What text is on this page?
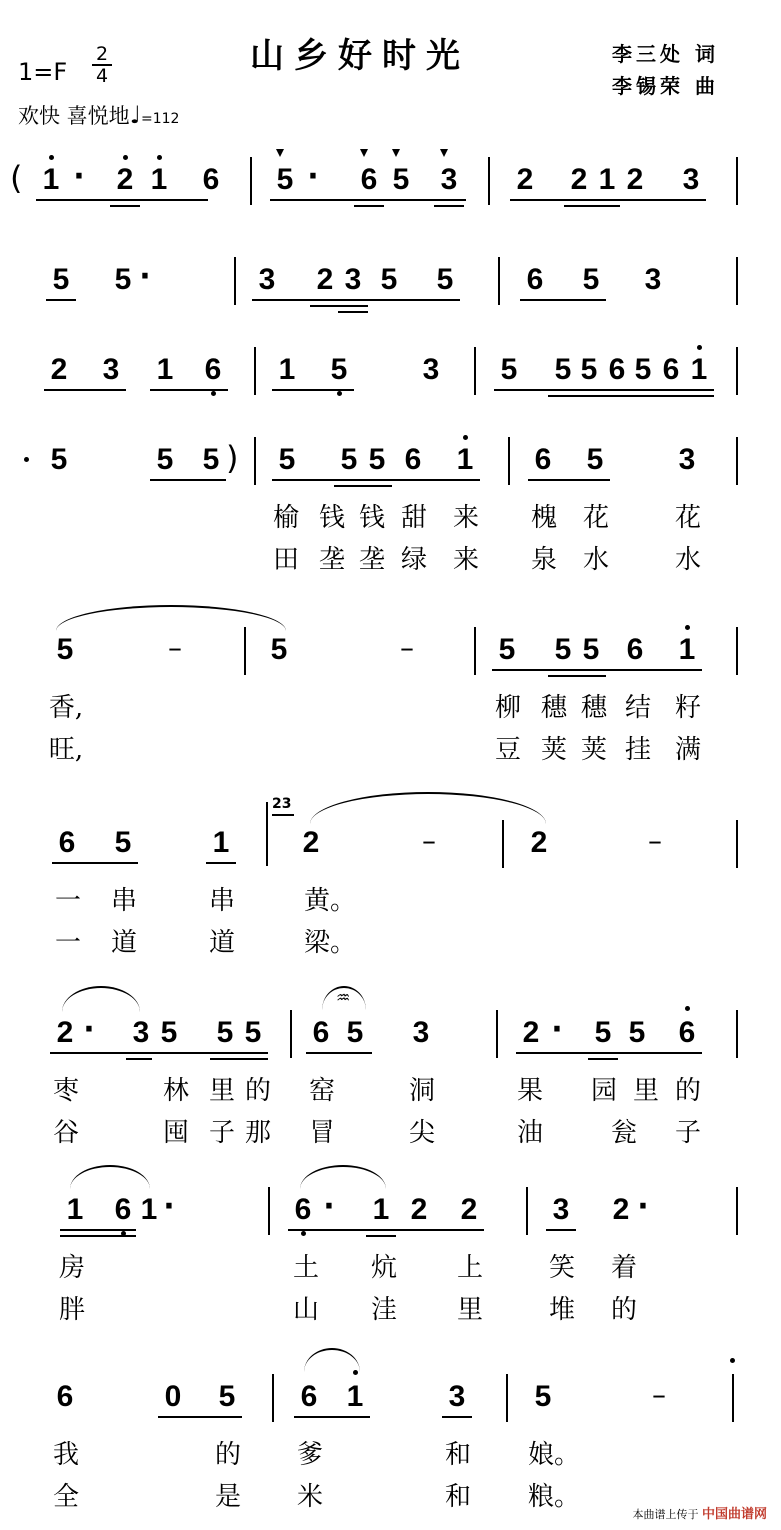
山乡好时光	李三处 词
李锡荣 曲
$1=F \frac{2}{4}$
欢快 喜悦地♩=112
( 1 · 2 1 6 5 · 6 5 3 2 2 1 2 3
5 5 ·	3 2 3 5 5 6 5 3
2 3 1 6 1 5	3 5 5 5 6 5 6 1
5	5 5 ) 5 5 5 6 1 6 5	3
榆 钱 钱 甜 来 槐 花	花
田 垄 垄 绿 来 泉 水	水
5	–	5	–	5 5 5 6 1
香,	柳 穗 穗 结 籽
旺,	豆 荚 荚 挂 满
6 5	1
23
2	–	2	–
一 串	串	黄。
一 道	道	梁。
2 · 3 5 5 5 6 5
♒
3	2 · 5 5 6
枣	林 里 的 窑	洞	果 园 里 的
谷	囤 子 那 冒	尖	油	瓮 子
1 6 1 ·	6 · 1 2 2	3 2 ·
房	土 炕 上	笑 着
胖	山 洼 里	堆 的
6	0 5 6 1	3 5	–
我	的 爹	和 娘。
全	是 米	和 粮。
本曲谱上传于 中国曲谱网
